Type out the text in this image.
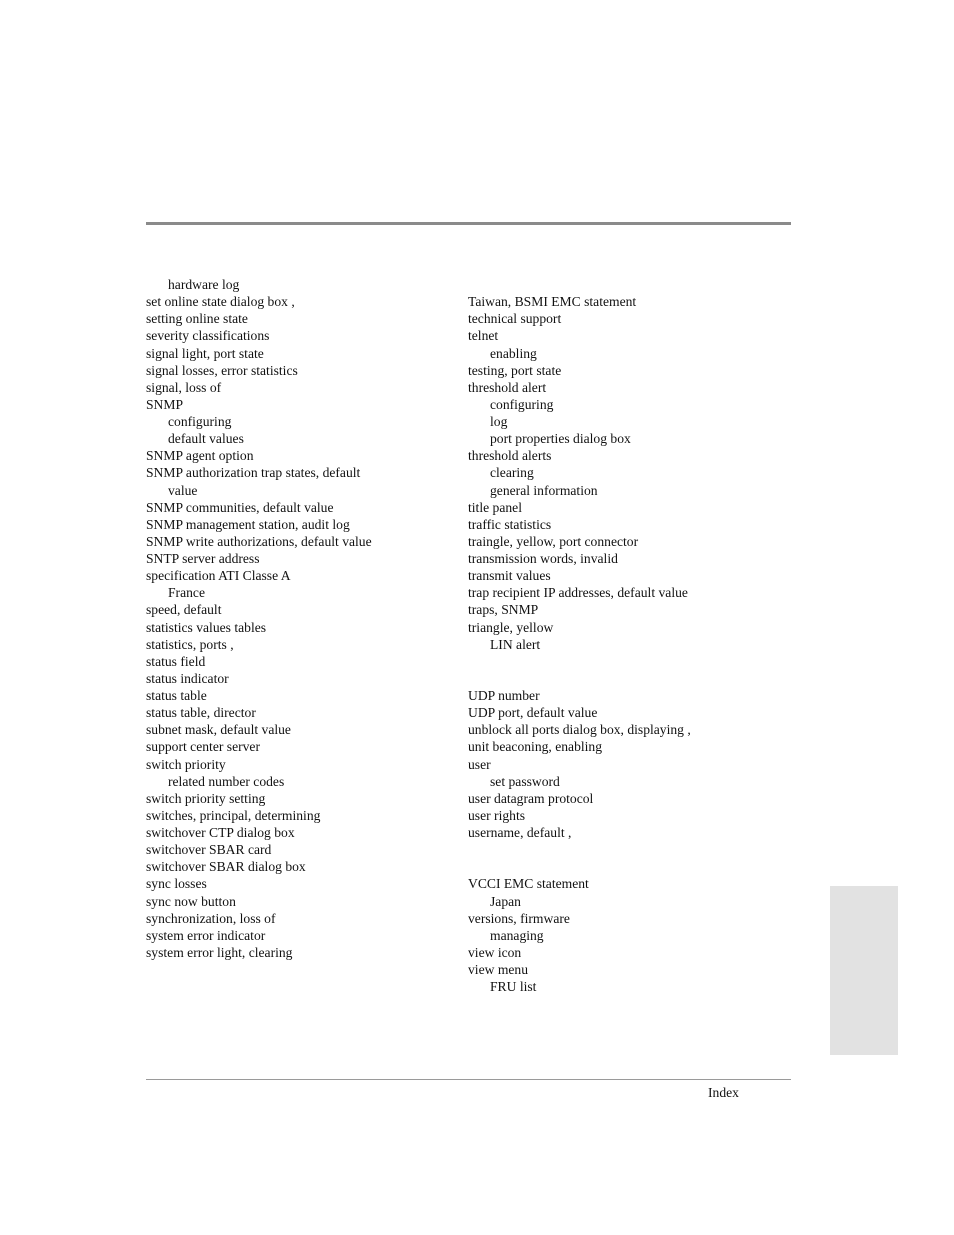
hardware log
set online state dialog box ,
setting online state
severity classifications
signal light, port state
signal losses, error statistics
signal, loss of
SNMP
configuring
default values
SNMP agent option
SNMP authorization trap states, default
value
SNMP communities, default value
SNMP management station, audit log
SNMP write authorizations, default value
SNTP server address
specification ATI Classe A
France
speed, default
statistics values tables
statistics, ports ,
status field
status indicator
status table
status table, director
subnet mask, default value
support center server
switch priority
related number codes
switch priority setting
switches, principal, determining
switchover CTP dialog box
switchover SBAR card
switchover SBAR dialog box
sync losses
sync now button
synchronization, loss of
system error indicator
system error light, clearing
Taiwan, BSMI EMC statement
technical support
telnet
enabling
testing, port state
threshold alert
configuring
log
port properties dialog box
threshold alerts
clearing
general information
title panel
traffic statistics
traingle, yellow, port connector
transmission words, invalid
transmit values
trap recipient IP addresses, default value
traps, SNMP
triangle, yellow
LIN alert
UDP number
UDP port, default value
unblock all ports dialog box, displaying ,
unit beaconing, enabling
user
set password
user datagram protocol
user rights
username, default ,
VCCI EMC statement
Japan
versions, firmware
managing
view icon
view menu
FRU list
Index
